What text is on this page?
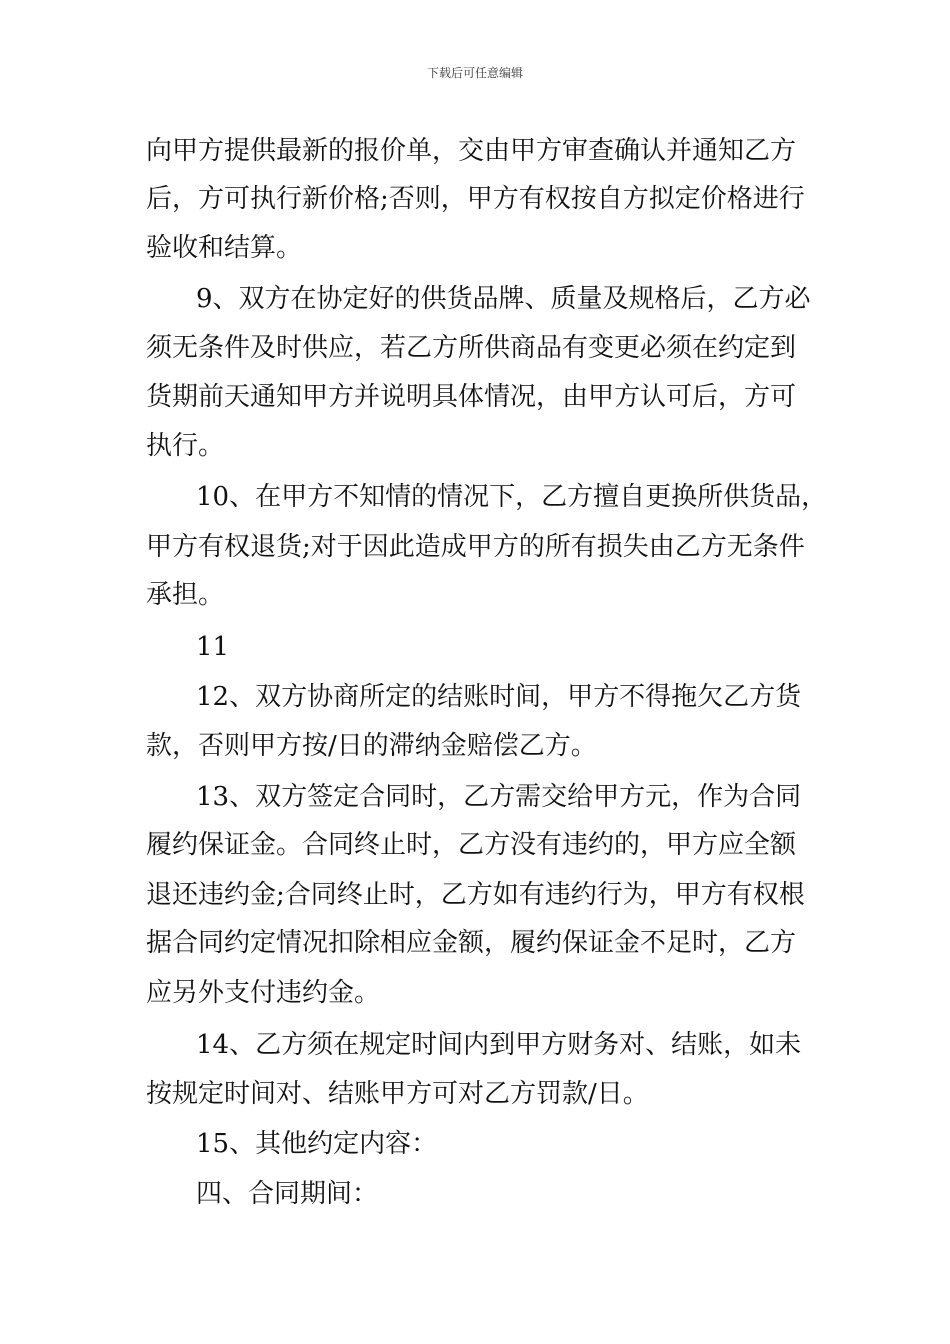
下载后可任意编辑
向甲方提供最新的报价单，交由甲方审查确认并通知乙方
后，方可执行新价格;否则，甲方有权按自方拟定价格进行
验收和结算。
9、双方在协定好的供货品牌、质量及规格后，乙方必
须无条件及时供应，若乙方所供商品有变更必须在约定到
货期前天通知甲方并说明具体情况，由甲方认可后，方可
执行。
10、在甲方不知情的情况下，乙方擅自更换所供货品，
甲方有权退货;对于因此造成甲方的所有损失由乙方无条件
承担。
11
12、双方协商所定的结账时间，甲方不得拖欠乙方货
款，否则甲方按/日的滞纳金赔偿乙方。
13、双方签定合同时，乙方需交给甲方元，作为合同
履约保证金。合同终止时，乙方没有违约的，甲方应全额
退还违约金;合同终止时，乙方如有违约行为，甲方有权根
据合同约定情况扣除相应金额，履约保证金不足时，乙方
应另外支付违约金。
14、乙方须在规定时间内到甲方财务对、结账，如未
按规定时间对、结账甲方可对乙方罚款/日。
15、其他约定内容：
四、合同期间：
